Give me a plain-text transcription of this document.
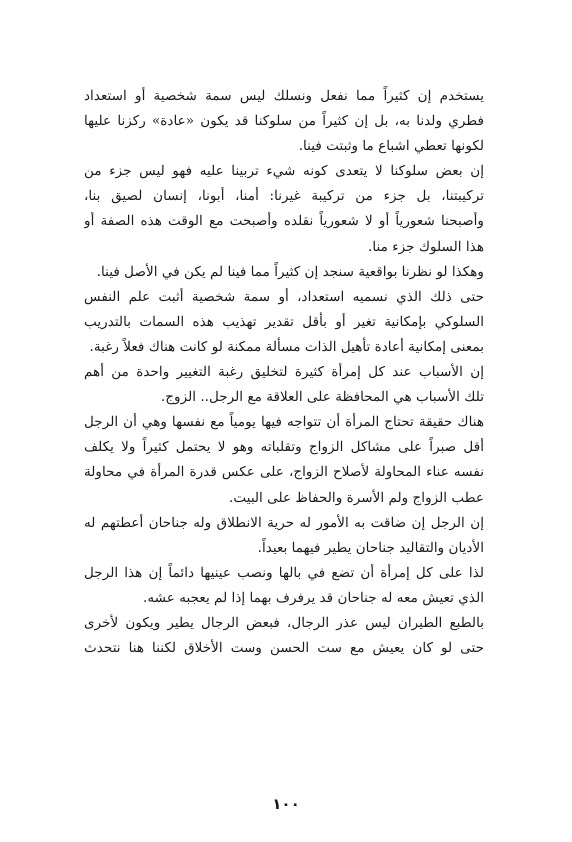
يستخدم إن كثيراً مما نفعل ونسلك ليس سمة شخصية أو استعداد
فطري ولدنا به، بل إن كثيراً من سلوكنا قد يكون «عادة» ركزنا عليها
لكونها تعطي اشباع ما وثبتت فينا.
إن بعض سلوكنا لا يتعدى كونه شيء تربينا عليه فهو ليس جزء من
تركيبتنا، بل جزء من تركيبة غيرنا: أمنا، أبونا، إنسان لصيق بنا،
وأصبحنا شعورياً أو لا شعورياً نقلده وأصبحت مع الوقت هذه الصفة أو
هذا السلوك جزء منا.
وهكذا لو نظرنا بواقعية سنجد إن كثيراً مما فينا لم يكن في الأصل فينا.
حتى ذلك الذي نسميه استعداد، أو سمة شخصية أثبت علم النفس
السلوكي بإمكانية تغير أو بأقل تقدير تهذيب هذه السمات بالتدريب
بمعنى إمكانية أعادة تأهيل الذات مسألة ممكنة لو كانت هناك فعلاً رغبة.
إن الأسباب عند كل إمرأة كثيرة لتخليق رغبة التغيير واحدة من أهم
تلك الأسباب هي المحافظة على العلاقة مع الرجل.. الزوج.
هناك حقيقة تحتاج المرأة أن تتواجه فيها يومياً مع نفسها وهي أن الرجل
أقل صبراً على مشاكل الزواج وتقلباته وهو لا يحتمل كثيراً ولا يكلف
نفسه عناء المحاولة لأصلاح الزواج، على عكس قدرة المرأة في محاولة
عطب الزواج ولم الأسرة والحفاظ على البيت.
إن الرجل إن ضاقت به الأمور له حرية الانطلاق وله جناحان أعطتهم له
الأديان والتقاليد جناحان يطير فيهما بعيداً.
لذا على كل إمرأة أن تضع في بالها ونصب عينيها دائماً إن هذا الرجل
الذي تعيش معه له جناحان قد يرفرف بهما إذا لم يعجبه عشه.
بالطبع الطيران ليس عذر الرجال، فبعض الرجال يطير ويكون لأخرى
حتى لو كان يعيش مع ست الحسن وست الأخلاق لكننا هنا نتحدث
١٠٠
